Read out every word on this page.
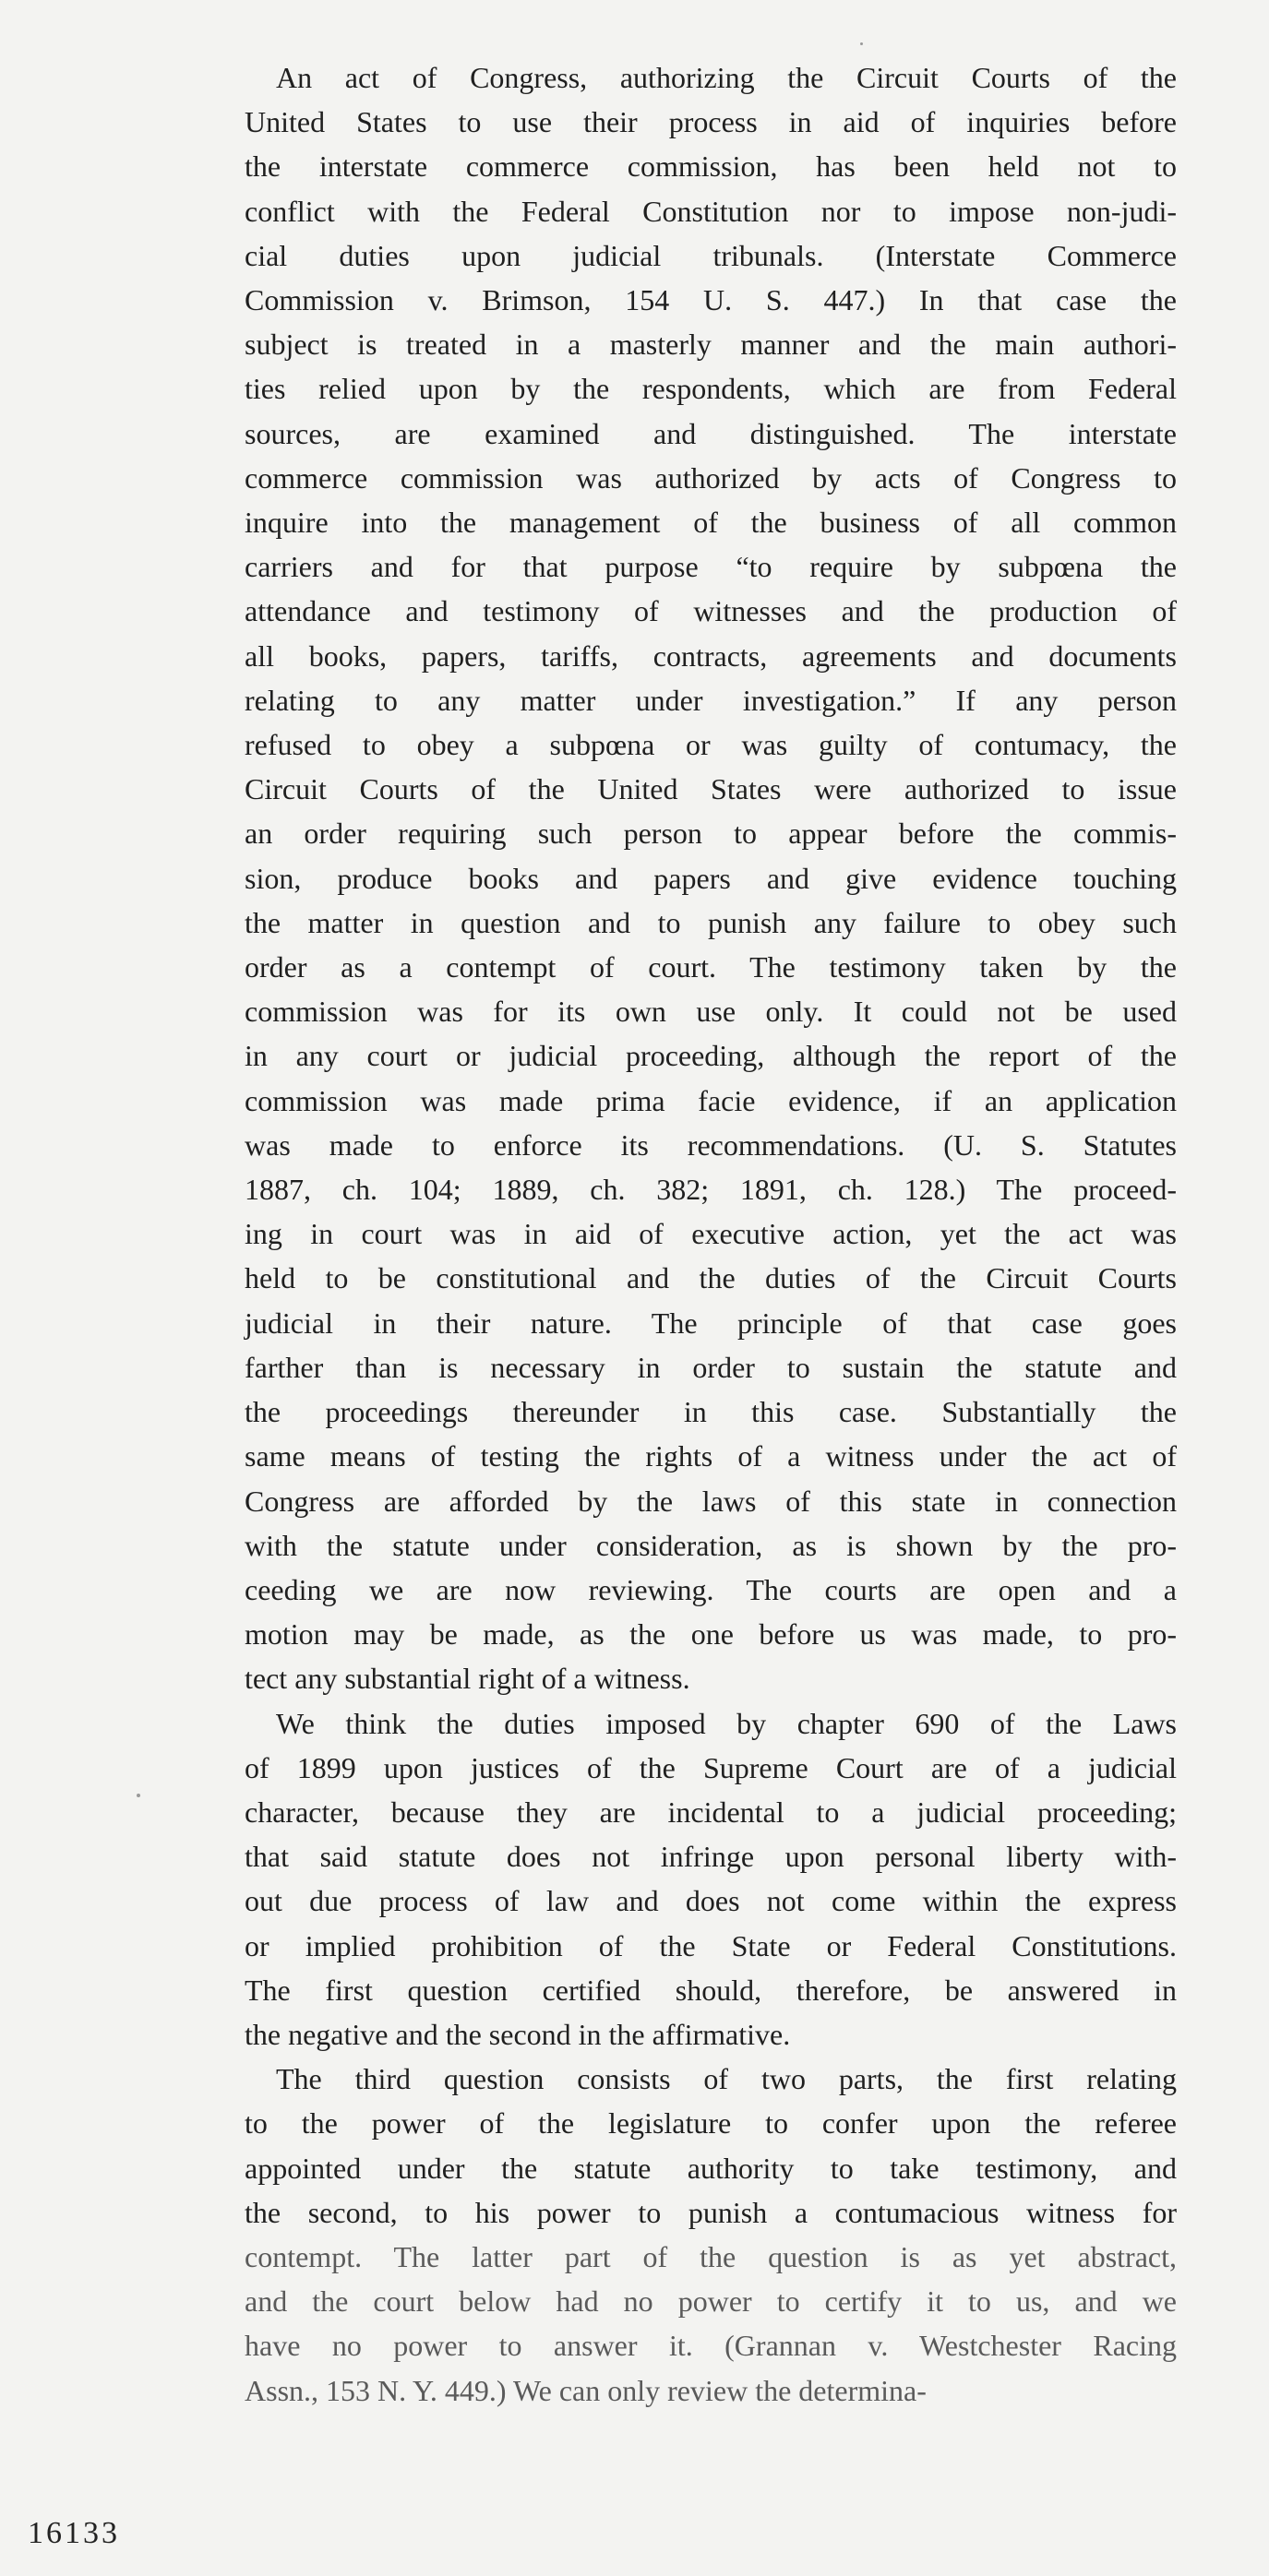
An act of Congress, authorizing the Circuit Courts of the
United States to use their process in aid of inquiries before
the interstate commerce commission, has been held not to
conflict with the Federal Constitution nor to impose non-judi-
cial duties upon judicial tribunals. (Interstate Commerce
Commission v. Brimson, 154 U. S. 447.) In that case the
subject is treated in a masterly manner and the main authori-
ties relied upon by the respondents, which are from Federal
sources, are examined and distinguished. The interstate
commerce commission was authorized by acts of Congress to
inquire into the management of the business of all common
carriers and for that purpose “to require by subpœna the
attendance and testimony of witnesses and the production of
all books, papers, tariffs, contracts, agreements and documents
relating to any matter under investigation.” If any person
refused to obey a subpœna or was guilty of contumacy, the
Circuit Courts of the United States were authorized to issue
an order requiring such person to appear before the commis-
sion, produce books and papers and give evidence touching
the matter in question and to punish any failure to obey such
order as a contempt of court. The testimony taken by the
commission was for its own use only. It could not be used
in any court or judicial proceeding, although the report of the
commission was made prima facie evidence, if an application
was made to enforce its recommendations. (U. S. Statutes
1887, ch. 104; 1889, ch. 382; 1891, ch. 128.) The proceed-
ing in court was in aid of executive action, yet the act was
held to be constitutional and the duties of the Circuit Courts
judicial in their nature. The principle of that case goes
farther than is necessary in order to sustain the statute and
the proceedings thereunder in this case. Substantially the
same means of testing the rights of a witness under the act of
Congress are afforded by the laws of this state in connection
with the statute under consideration, as is shown by the pro-
ceeding we are now reviewing. The courts are open and a
motion may be made, as the one before us was made, to pro-
tect any substantial right of a witness.

We think the duties imposed by chapter 690 of the Laws
of 1899 upon justices of the Supreme Court are of a judicial
character, because they are incidental to a judicial proceeding;
that said statute does not infringe upon personal liberty with-
out due process of law and does not come within the express
or implied prohibition of the State or Federal Constitutions.
The first question certified should, therefore, be answered in
the negative and the second in the affirmative.

The third question consists of two parts, the first relating
to the power of the legislature to confer upon the referee
appointed under the statute authority to take testimony, and
the second, to his power to punish a contumacious witness for
contempt. The latter part of the question is as yet abstract,
and the court below had no power to certify it to us, and we
have no power to answer it. (Grannan v. Westchester Racing
Assn., 153 N. Y. 449.) We can only review the determina-

16133
